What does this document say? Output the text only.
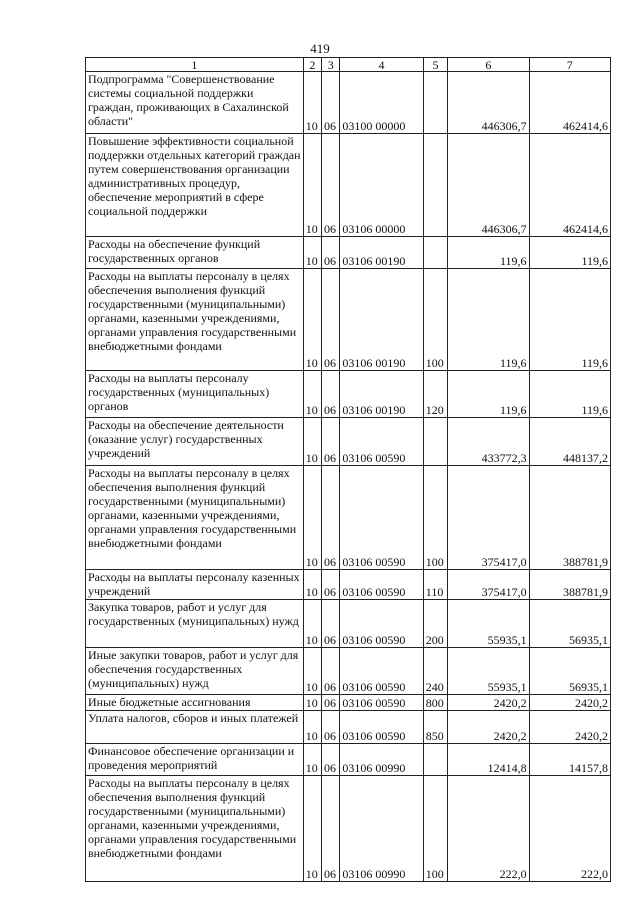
419
1	2	3	4	5	6	7
Подпрограмма "Совершенствование системы социальной поддержки граждан, проживающих в Сахалинской области"	10	06	03100 00000		446306,7	462414,6
Повышение эффективности социальной поддержки отдельных категорий граждан путем совершенствования организации административных процедур, обеспечение мероприятий в сфере социальной поддержки	10	06	03106 00000		446306,7	462414,6
Расходы на обеспечение функций государственных органов	10	06	03106 00190		119,6	119,6
Расходы на выплаты персоналу в целях обеспечения выполнения функций государственными (муниципальными) органами, казенными учреждениями, органами управления государственными внебюджетными фондами	10	06	03106 00190	100	119,6	119,6
Расходы на выплаты персоналу государственных (муниципальных) органов	10	06	03106 00190	120	119,6	119,6
Расходы на обеспечение деятельности (оказание услуг) государственных учреждений	10	06	03106 00590		433772,3	448137,2
Расходы на выплаты персоналу в целях обеспечения выполнения функций государственными (муниципальными) органами, казенными учреждениями, органами управления государственными внебюджетными фондами	10	06	03106 00590	100	375417,0	388781,9
Расходы на выплаты персоналу казенных учреждений	10	06	03106 00590	110	375417,0	388781,9
Закупка товаров, работ и услуг для государственных (муниципальных) нужд	10	06	03106 00590	200	55935,1	56935,1
Иные закупки товаров, работ и услуг для обеспечения государственных (муниципальных) нужд	10	06	03106 00590	240	55935,1	56935,1
Иные бюджетные ассигнования	10	06	03106 00590	800	2420,2	2420,2
Уплата налогов, сборов и иных платежей	10	06	03106 00590	850	2420,2	2420,2
Финансовое обеспечение организации и проведения мероприятий	10	06	03106 00990		12414,8	14157,8
Расходы на выплаты персоналу в целях обеспечения выполнения функций государственными (муниципальными) органами, казенными учреждениями, органами управления государственными внебюджетными фондами	10	06	03106 00990	100	222,0	222,0
